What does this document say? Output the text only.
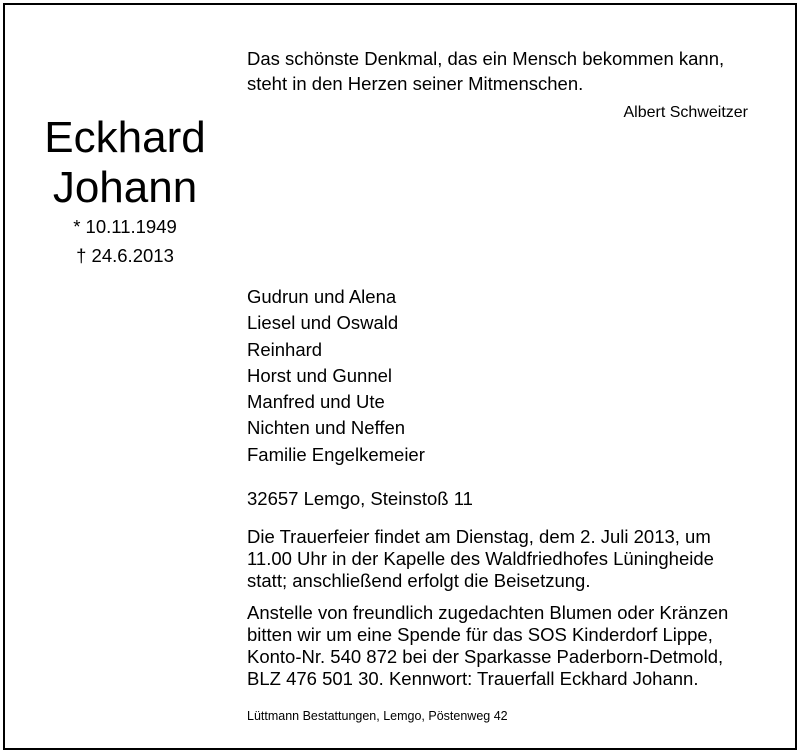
Das schönste Denkmal, das ein Mensch bekommen kann,
steht in den Herzen seiner Mitmenschen.
Albert Schweitzer
Eckhard
Johann
* 10.11.1949
† 24.6.2013
Gudrun und Alena
Liesel und Oswald
Reinhard
Horst und Gunnel
Manfred und Ute
Nichten und Neffen
Familie Engelkemeier
32657 Lemgo, Steinstoß 11
Die Trauerfeier findet am Dienstag, dem 2. Juli 2013, um
11.00 Uhr in der Kapelle des Waldfriedhofes Lüningheide
statt; anschließend erfolgt die Beisetzung.
Anstelle von freundlich zugedachten Blumen oder Kränzen
bitten wir um eine Spende für das SOS Kinderdorf Lippe,
Konto-Nr. 540 872 bei der Sparkasse Paderborn-Detmold,
BLZ 476 501 30. Kennwort: Trauerfall Eckhard Johann.
Lüttmann Bestattungen, Lemgo, Pöstenweg 42
